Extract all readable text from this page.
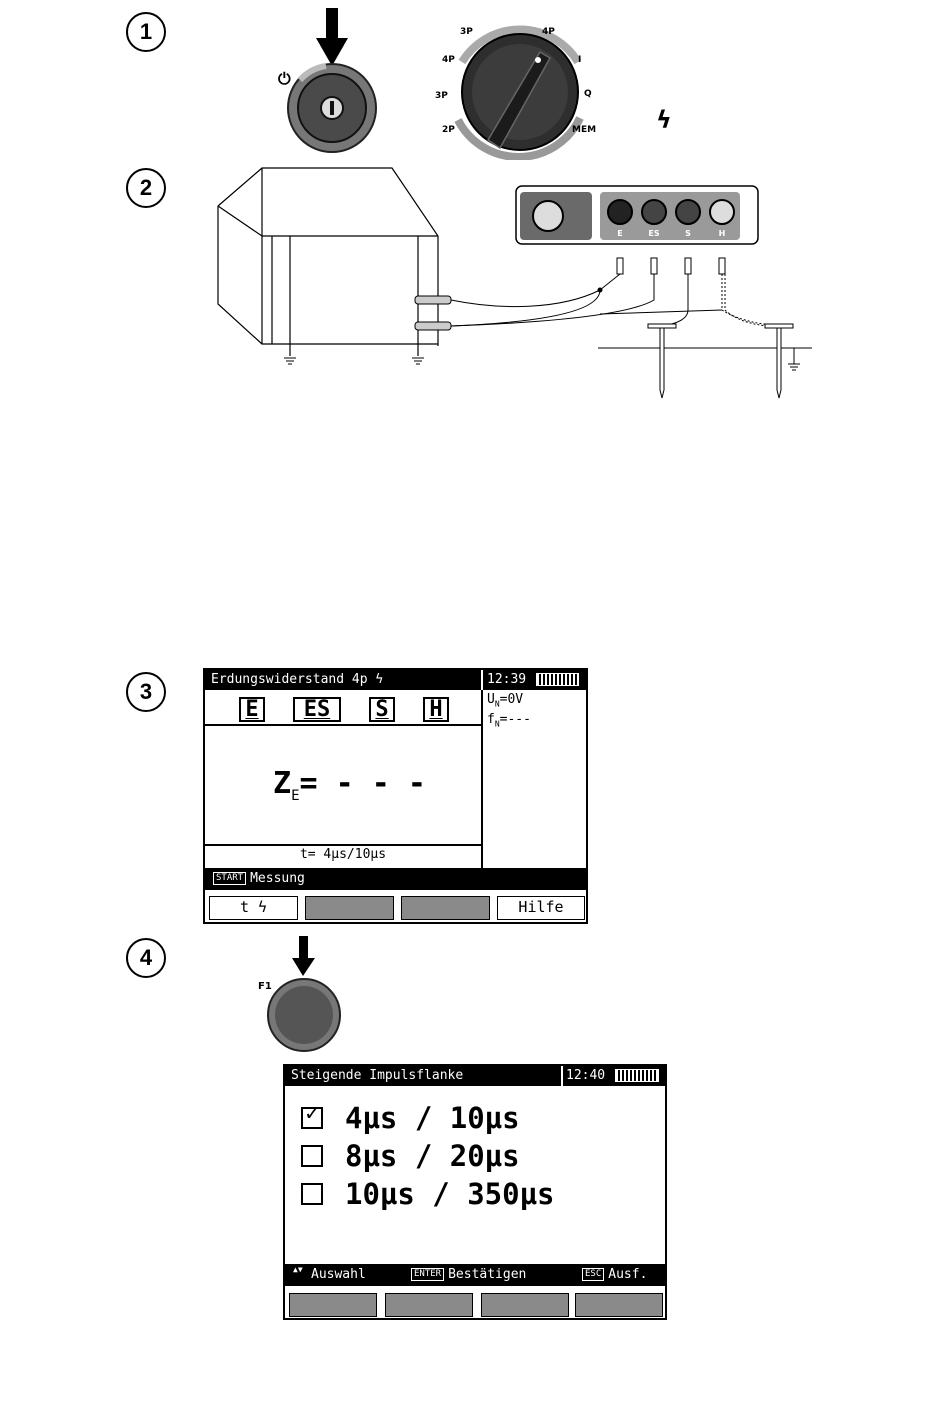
1
2
3
4
⏻
3P	4P
I
Q
MEM
4P
3P
2P	ϟ
E	ES	S	H
Erdungswiderstand 4p ϟ	12:39
E	ES	S H	$U_N=0V$
$f_N=---$
$Z_E=$ - - -
t= 4µs/10µs
START Messung
t ϟ	Hilfe
F1
Steigende Impulsflanke	12:40
✓
4µs / 10µs
8µs / 20µs
10µs / 350µs
▲▼ Auswahl	ENTER Bestätigen	ESC Ausf.
